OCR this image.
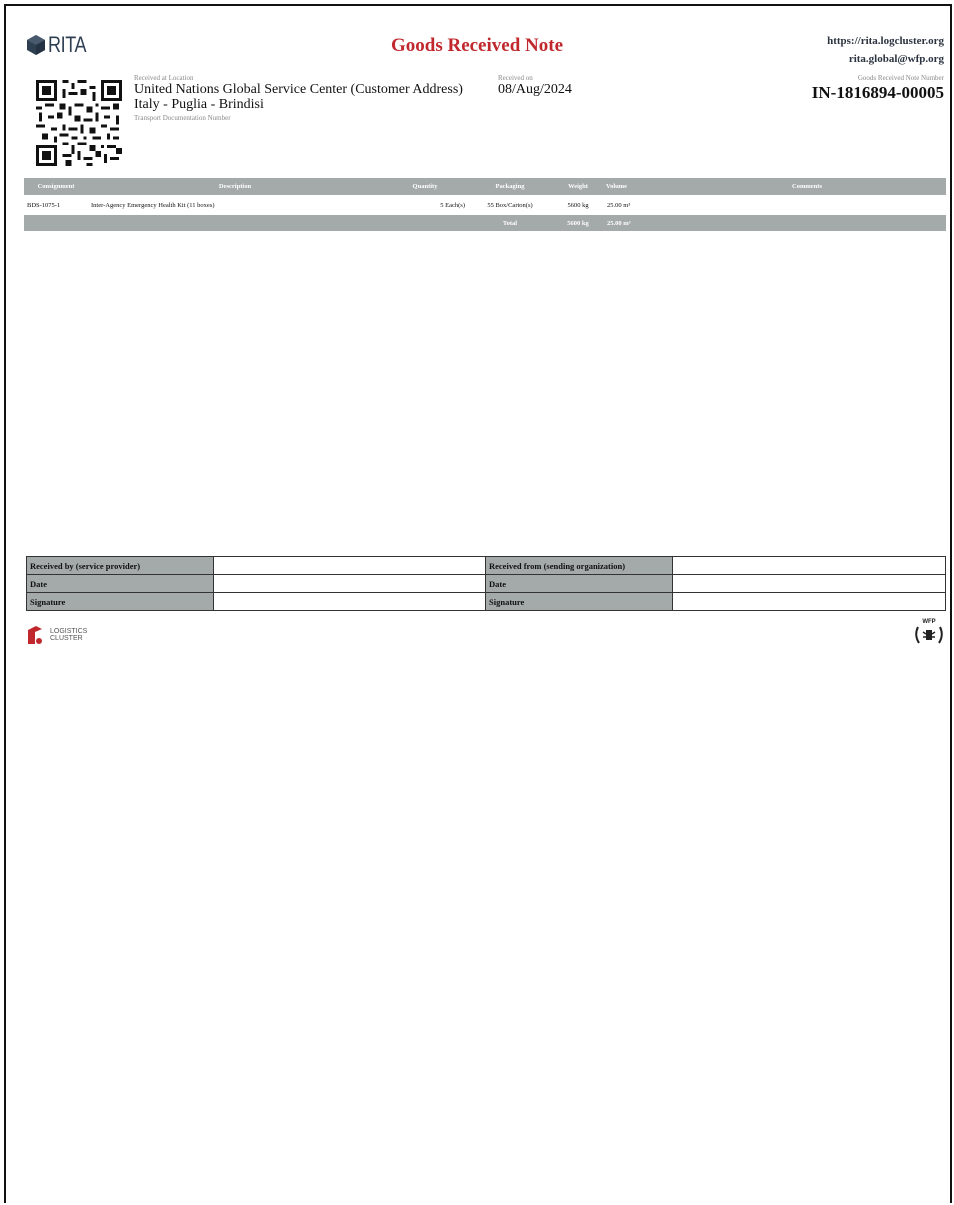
RITA	Goods Received Note	https://rita.logcluster.org
rita.global@wfp.org
Received at Location
United Nations Global Service Center (Customer Address)
Italy - Puglia - Brindisi
Transport Documentation Number
Received on
08/Aug/2024
Goods Received Note Number
IN-1816894-00005
Consignment	Description	Quantity	Packaging	Weight	Volume	Comments
BDS-1075-1	Inter-Agency Emergency Health Kit (11 boxes)	5 Each(s)	55 Box/Carton(s)	5600 kg	25.00 m³	
			Total	5600 kg	25.00 m³	
Received by (service provider)		Received from (sending organization)	
Date		Date	
Signature		Signature	
LOGISTICS
CLUSTER
WFP
